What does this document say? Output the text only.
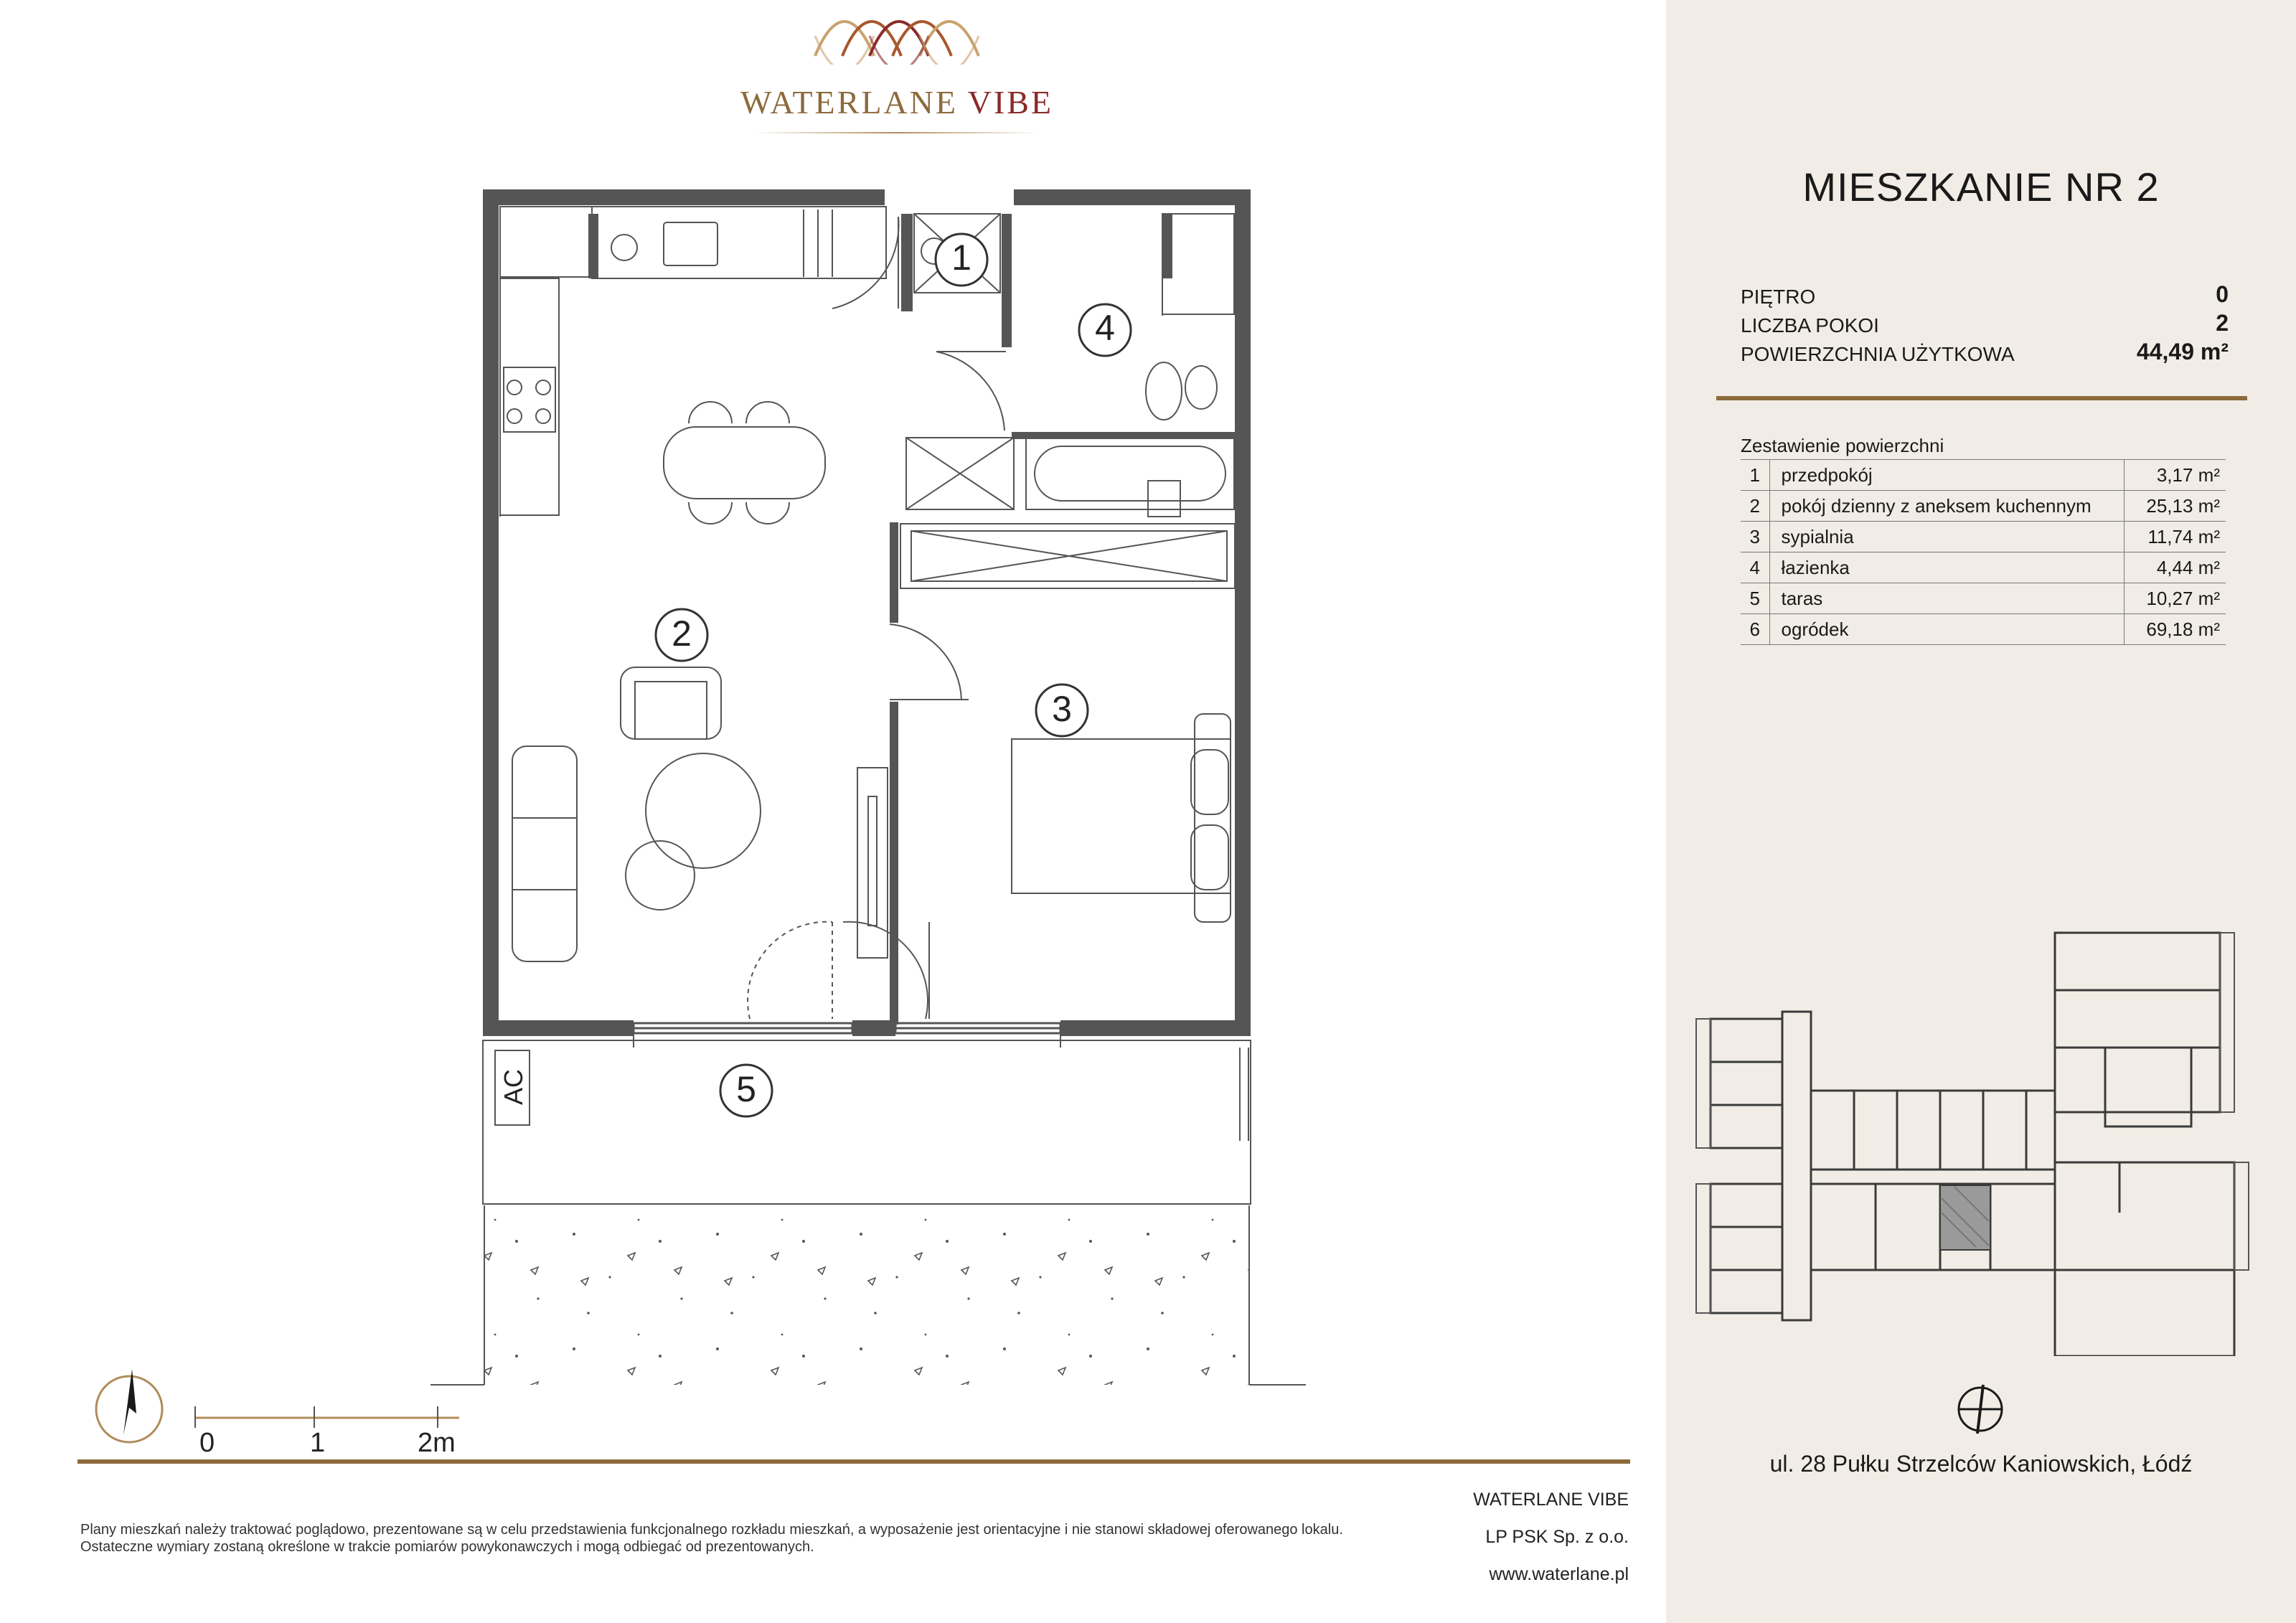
WATERLANE VIBE
1
4
2
3
5
AC
0	1	2m
Plany mieszkań należy traktować poglądowo, prezentowane są w celu przedstawienia funkcjonalnego rozkładu mieszkań, a wyposażenie jest orientacyjne i nie stanowi składowej oferowanego lokalu.
Ostateczne wymiary zostaną określone w trakcie pomiarów powykonawczych i mogą odbiegać od prezentowanych.
WATERLANE VIBE
LP PSK Sp. z o.o.
www.waterlane.pl
MIESZKANIE NR 2
PIĘTRO	0
LICZBA POKOI	2
POWIERZCHNIA UŻYTKOWA	44,49 m²
Zestawienie powierzchni
1	przedpokój	3,17 m²
2	pokój dzienny z aneksem kuchennym	25,13 m²
3	sypialnia	11,74 m²
4	łazienka	4,44 m²
5	taras	10,27 m²
6	ogródek	69,18 m²
ul. 28 Pułku Strzelców Kaniowskich, Łódź
